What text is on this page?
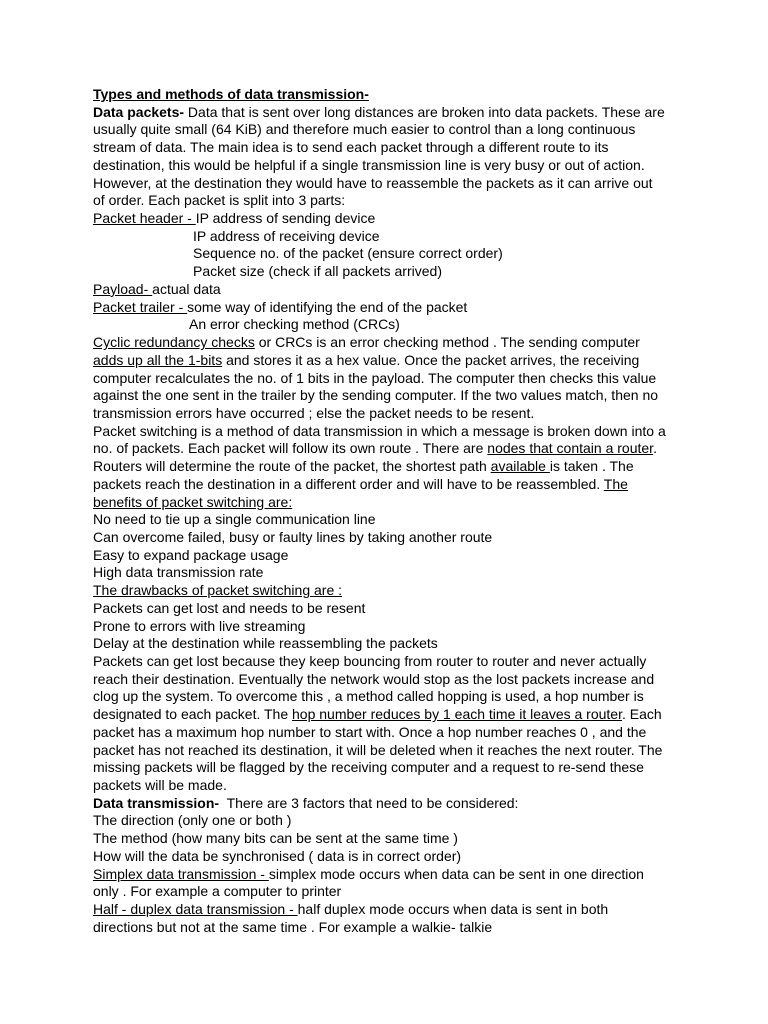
Types and methods of data transmission-
Data packets- Data that is sent over long distances are broken into data packets. These are
usually quite small (64 KiB) and therefore much easier to control than a long continuous
stream of data. The main idea is to send each packet through a different route to its
destination, this would be helpful if a single transmission line is very busy or out of action.
However, at the destination they would have to reassemble the packets as it can arrive out
of order. Each packet is split into 3 parts:
Packet header - IP address of sending device
IP address of receiving device
Sequence no. of the packet (ensure correct order)
Packet size (check if all packets arrived)
Payload- actual data
Packet trailer - some way of identifying the end of the packet
An error checking method (CRCs)
Cyclic redundancy checks or CRCs is an error checking method . The sending computer
adds up all the 1-bits and stores it as a hex value. Once the packet arrives, the receiving
computer recalculates the no. of 1 bits in the payload. The computer then checks this value
against the one sent in the trailer by the sending computer. If the two values match, then no
transmission errors have occurred ; else the packet needs to be resent.
Packet switching is a method of data transmission in which a message is broken down into a
no. of packets. Each packet will follow its own route . There are nodes that contain a router.
Routers will determine the route of the packet, the shortest path available is taken . The
packets reach the destination in a different order and will have to be reassembled. The
benefits of packet switching are:
No need to tie up a single communication line
Can overcome failed, busy or faulty lines by taking another route
Easy to expand package usage
High data transmission rate
The drawbacks of packet switching are :
Packets can get lost and needs to be resent
Prone to errors with live streaming
Delay at the destination while reassembling the packets
Packets can get lost because they keep bouncing from router to router and never actually
reach their destination. Eventually the network would stop as the lost packets increase and
clog up the system. To overcome this , a method called hopping is used, a hop number is
designated to each packet. The hop number reduces by 1 each time it leaves a router. Each
packet has a maximum hop number to start with. Once a hop number reaches 0 , and the
packet has not reached its destination, it will be deleted when it reaches the next router. The
missing packets will be flagged by the receiving computer and a request to re-send these
packets will be made.
Data transmission-  There are 3 factors that need to be considered:
The direction (only one or both )
The method (how many bits can be sent at the same time )
How will the data be synchronised ( data is in correct order)
Simplex data transmission - simplex mode occurs when data can be sent in one direction
only . For example a computer to printer
Half - duplex data transmission - half duplex mode occurs when data is sent in both
directions but not at the same time . For example a walkie- talkie
